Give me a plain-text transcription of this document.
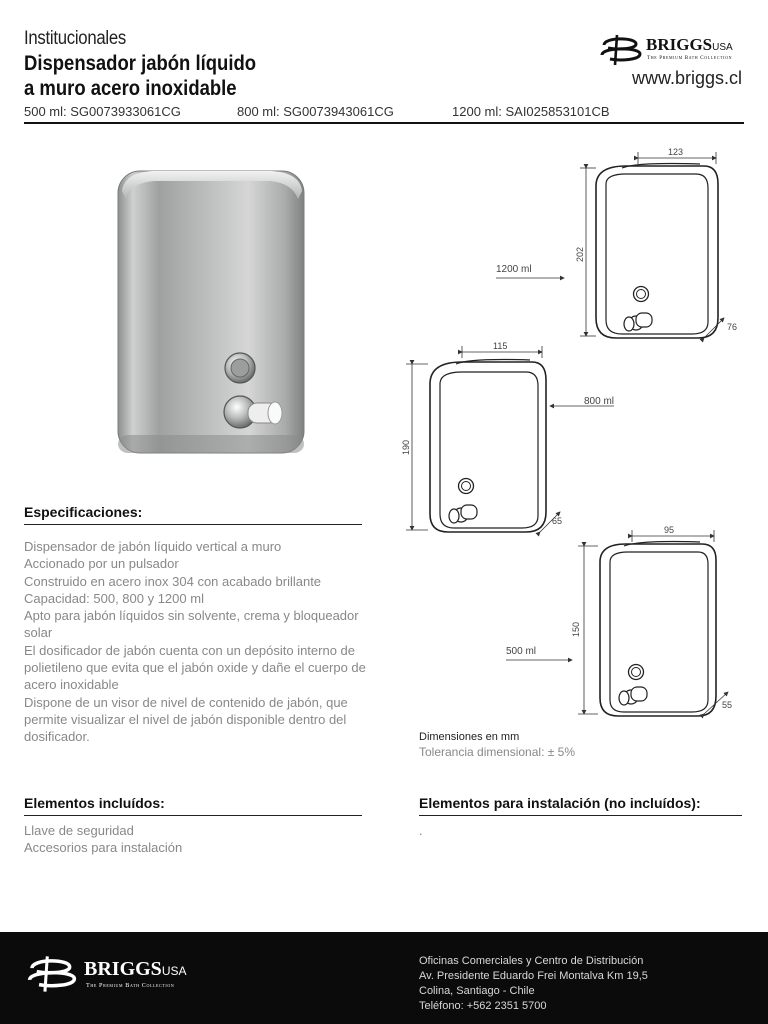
Institucionales
Dispensador jabón líquido
a muro acero inoxidable
500 ml: SG0073933061CG	800 ml: SG0073943061CG	1200 ml: SAI025853101CB
BRIGGSUSA
The Premium Bath Collection
www.briggs.cl
123
202
76
1200 ml
115
190
65
800 ml
95
150
55
500 ml
Dimensiones en mm
Tolerancia dimensional: ± 5%
Especificaciones:
Dispensador de jabón líquido vertical a muro
Accionado por un pulsador
Construido en acero inox 304 con acabado brillante
Capacidad: 500, 800 y 1200 ml
Apto para jabón líquidos sin solvente, crema y bloqueador solar
El dosificador de jabón cuenta con un depósito interno de polietileno que evita que el jabón oxide y dañe el cuerpo de acero inoxidable
Dispone de un visor de nivel de contenido de jabón, que permite visualizar el nivel de jabón disponible dentro del dosificador.
Elementos incluídos:
Llave de seguridad
Accesorios para instalación
Elementos para instalación (no incluídos):
.
BRIGGSUSA
The Premium Bath Collection
Oficinas Comerciales y Centro de Distribución
Av. Presidente Eduardo Frei Montalva Km 19,5
Colina, Santiago - Chile
Teléfono: +562 2351 5700
